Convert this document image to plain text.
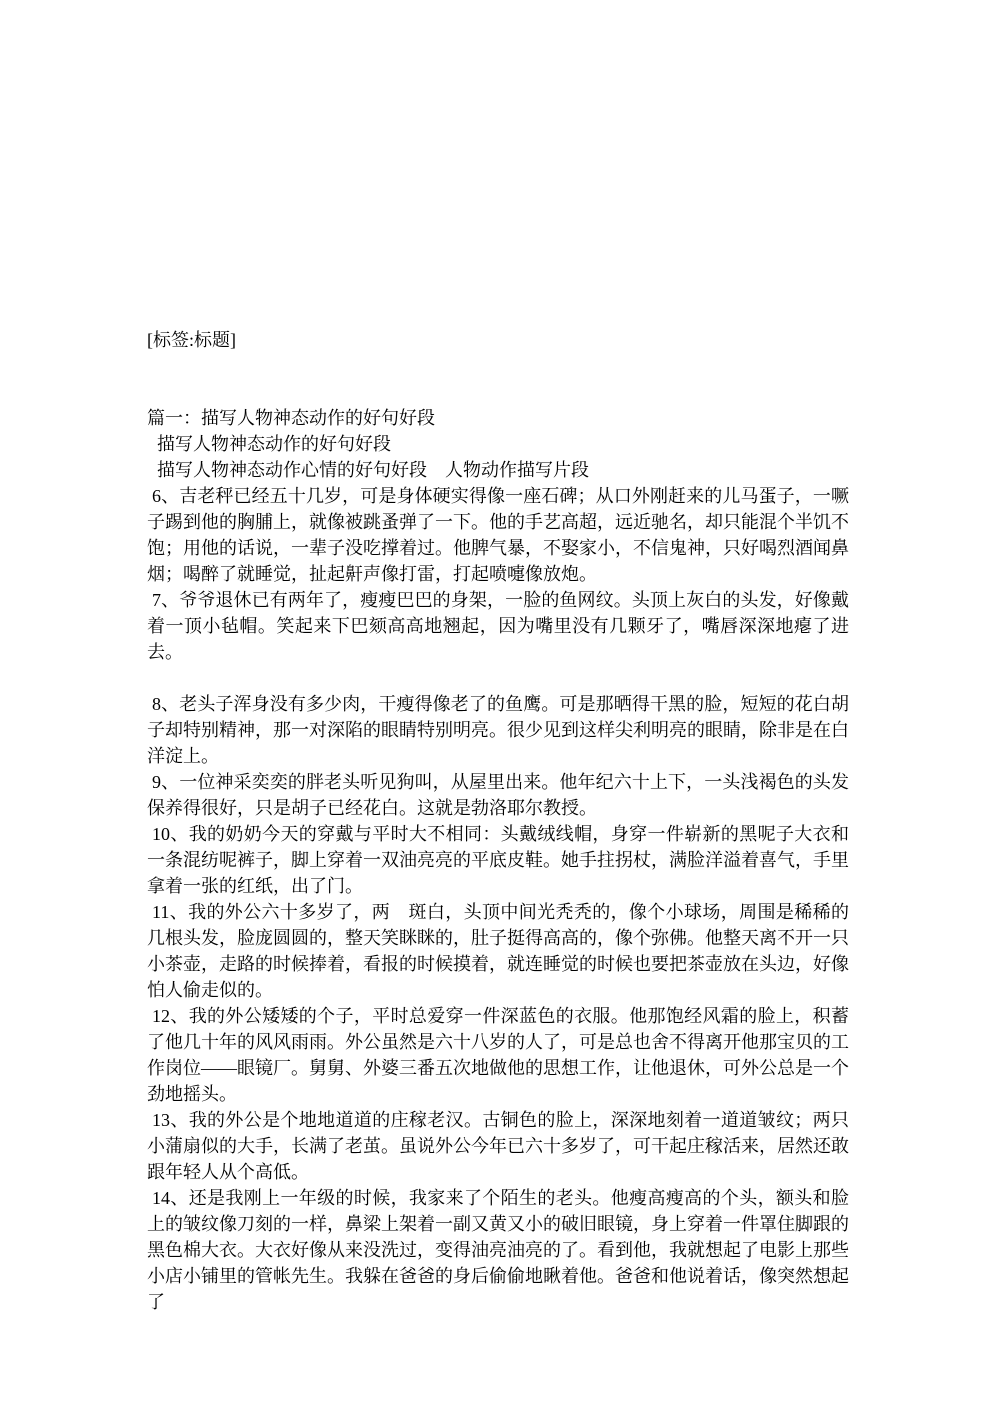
[标签:标题]

篇一：描写人物神态动作的好句好段

描写人物神态动作的好句好段

描写人物神态动作心情的好句好段　人物动作描写片段

6、吉老秤已经五十几岁，可是身体硬实得像一座石碑；从口外刚赶来的儿马蛋子，一噘子踢到他的胸脯上，就像被跳蚤弹了一下。他的手艺高超，远近驰名，却只能混个半饥不饱；用他的话说，一辈子没吃撑着过。他脾气暴，不娶家小，不信鬼神，只好喝烈酒闻鼻烟；喝醉了就睡觉，扯起鼾声像打雷，打起喷嚏像放炮。

7、爷爷退休已有两年了，瘦瘦巴巴的身架，一脸的鱼网纹。头顶上灰白的头发，好像戴着一顶小毡帽。笑起来下巴颏高高地翘起，因为嘴里没有几颗牙了，嘴唇深深地瘪了进去。

8、老头子浑身没有多少肉，干瘦得像老了的鱼鹰。可是那晒得干黑的脸，短短的花白胡子却特别精神，那一对深陷的眼睛特别明亮。很少见到这样尖利明亮的眼睛，除非是在白洋淀上。

9、一位神采奕奕的胖老头听见狗叫，从屋里出来。他年纪六十上下，一头浅褐色的头发保养得很好，只是胡子已经花白。这就是勃洛耶尔教授。

10、我的奶奶今天的穿戴与平时大不相同：头戴绒线帽，身穿一件崭新的黑呢子大衣和一条混纺呢裤子，脚上穿着一双油亮亮的平底皮鞋。她手拄拐杖，满脸洋溢着喜气，手里拿着一张的红纸，出了门。

11、我的外公六十多岁了，两　斑白，头顶中间光秃秃的，像个小球场，周围是稀稀的几根头发，脸庞圆圆的，整天笑眯眯的，肚子挺得高高的，像个弥佛。他整天离不开一只小茶壶，走路的时候捧着，看报的时候摸着，就连睡觉的时候也要把茶壶放在头边，好像怕人偷走似的。

12、我的外公矮矮的个子，平时总爱穿一件深蓝色的衣服。他那饱经风霜的脸上，积蓄了他几十年的风风雨雨。外公虽然是六十八岁的人了，可是总也舍不得离开他那宝贝的工作岗位——眼镜厂。舅舅、外婆三番五次地做他的思想工作，让他退休，可外公总是一个劲地摇头。

13、我的外公是个地地道道的庄稼老汉。古铜色的脸上，深深地刻着一道道皱纹；两只小蒲扇似的大手，长满了老茧。虽说外公今年已六十多岁了，可干起庄稼活来，居然还敢跟年轻人从个高低。

14、还是我刚上一年级的时候，我家来了个陌生的老头。他瘦高瘦高的个头，额头和脸上的皱纹像刀刻的一样，鼻梁上架着一副又黄又小的破旧眼镜，身上穿着一件罩住脚跟的黑色棉大衣。大衣好像从来没洗过，变得油亮油亮的了。看到他，我就想起了电影上那些小店小铺里的管帐先生。我躲在爸爸的身后偷偷地瞅着他。爸爸和他说着话，像突然想起了
